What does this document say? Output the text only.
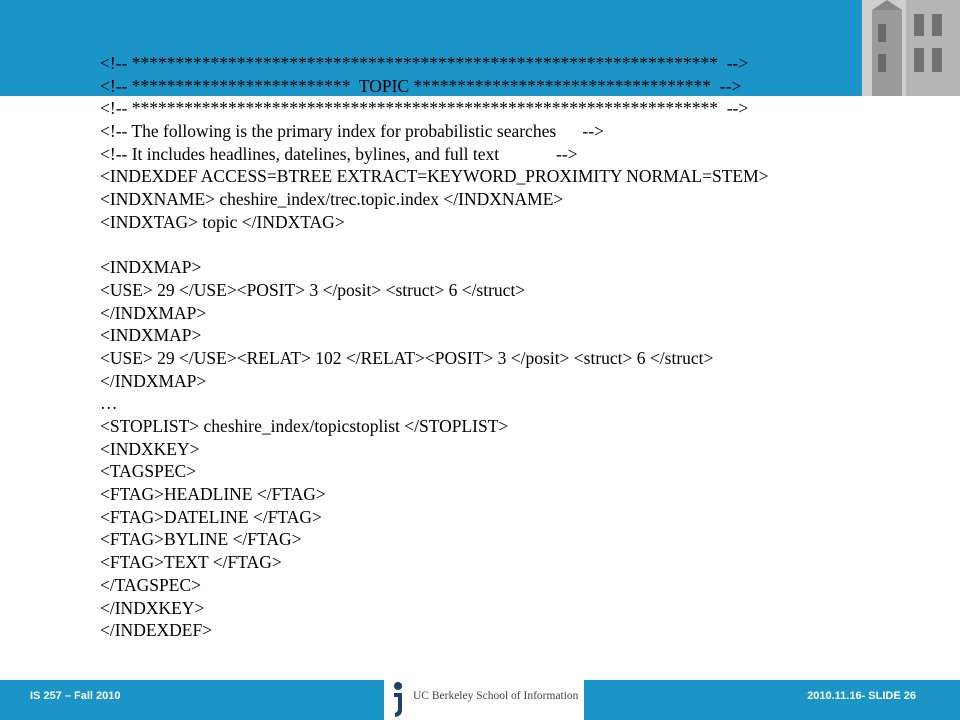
<!-- *******************************************************************  -->
<!-- *************************  TOPIC **********************************  -->
<!-- *******************************************************************  -->
<!-- The following is the primary index for probabilistic searches      -->
<!-- It includes headlines, datelines, bylines, and full text             -->
<INDEXDEF ACCESS=BTREE EXTRACT=KEYWORD_PROXIMITY NORMAL=STEM>
<INDXNAME> cheshire_index/trec.topic.index </INDXNAME>
<INDXTAG> topic </INDXTAG>
<INDXMAP>
<USE> 29 </USE><POSIT> 3 </posit> <struct> 6 </struct>
</INDXMAP>
<INDXMAP>
<USE> 29 </USE><RELAT> 102 </RELAT><POSIT> 3 </posit> <struct> 6 </struct>
</INDXMAP>
…
<STOPLIST> cheshire_index/topicstoplist </STOPLIST>
<INDXKEY>
<TAGSPEC>
<FTAG>HEADLINE </FTAG>
<FTAG>DATELINE </FTAG>
<FTAG>BYLINE </FTAG>
<FTAG>TEXT </FTAG>
</TAGSPEC>
</INDXKEY>
</INDEXDEF>
IS 257 – Fall 2010	2010.11.16- SLIDE 26
UC Berkeley School of Information
